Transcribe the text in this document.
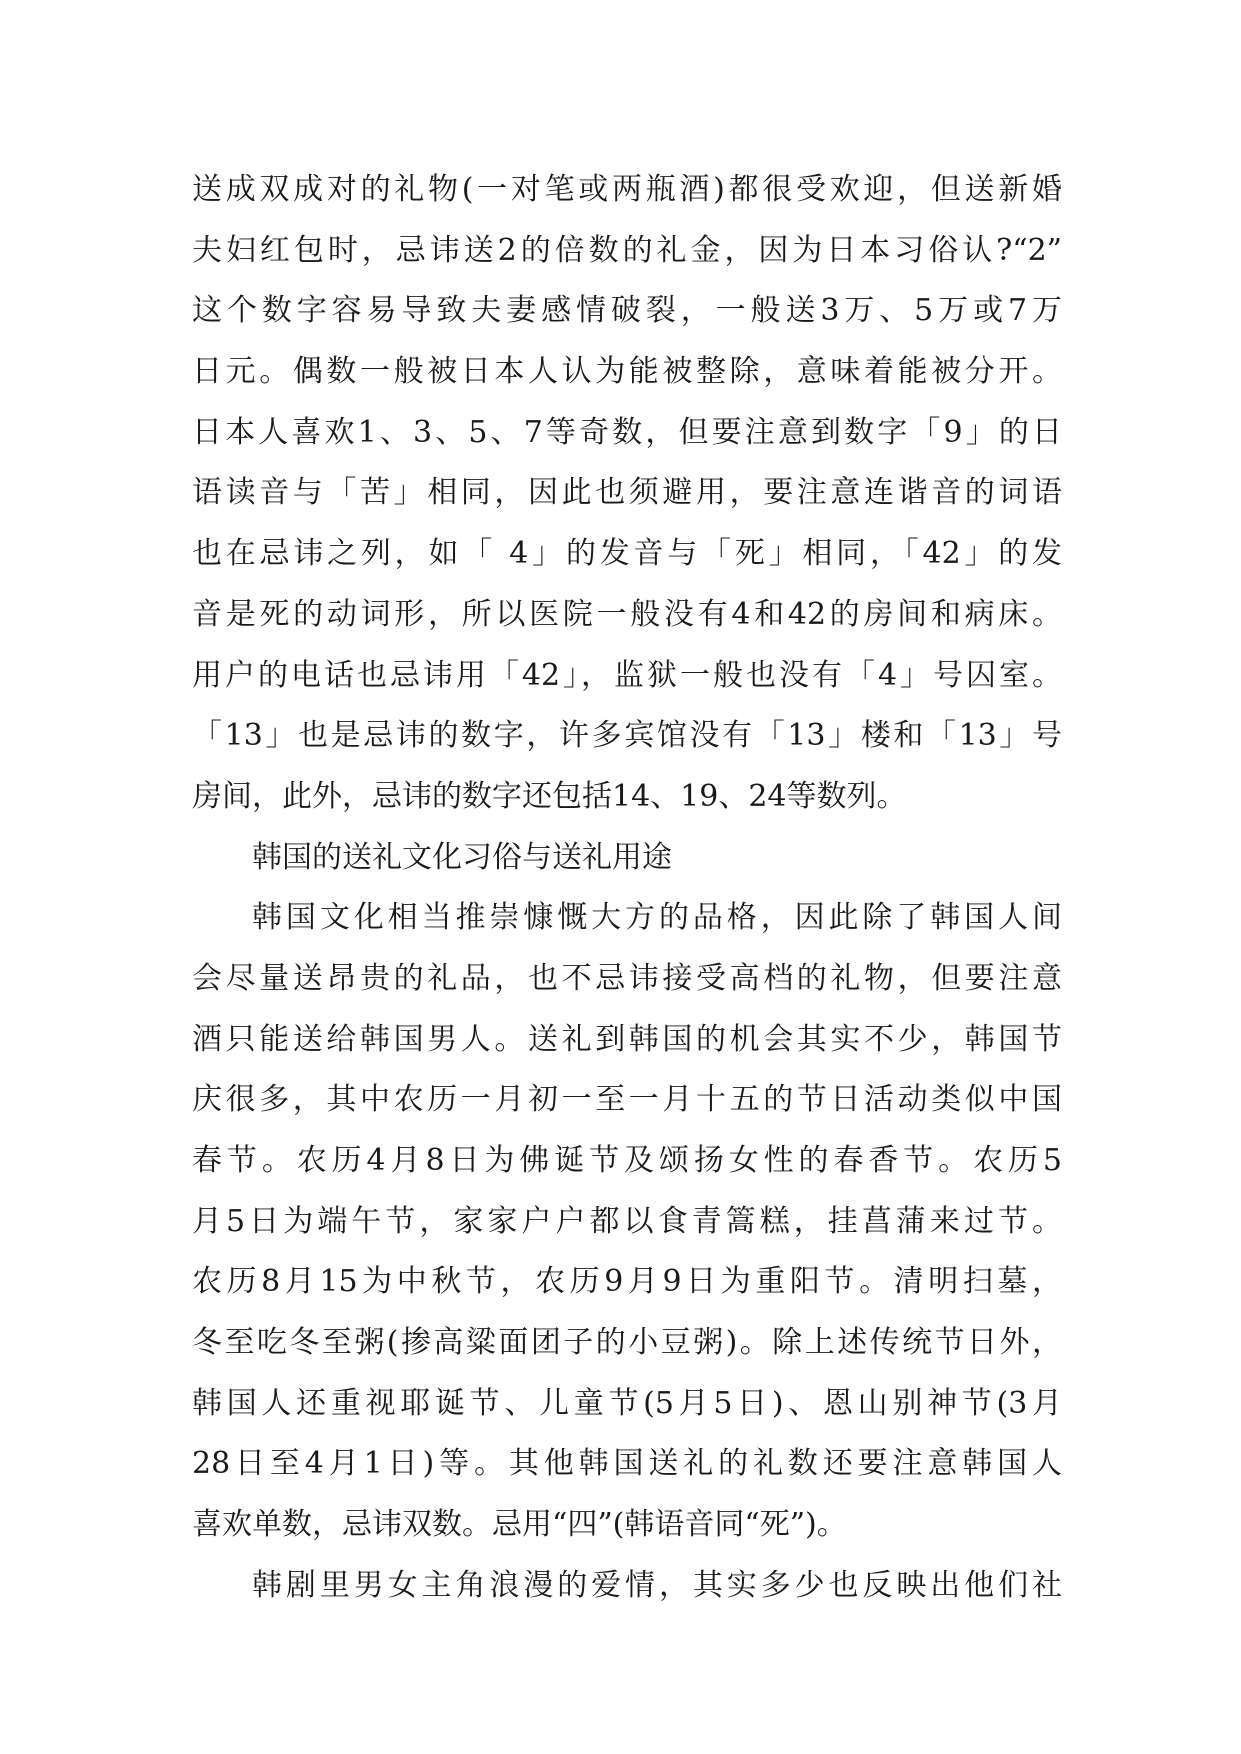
送成双成对的礼物(一对笔或两瓶酒)都很受欢迎，但送新婚
夫妇红包时，忌讳送2的倍数的礼金，因为日本习俗认?“2”
这个数字容易导致夫妻感情破裂，一般送3万、5万或7万
日元。偶数一般被日本人认为能被整除，意味着能被分开。
日本人喜欢1、3、5、7等奇数，但要注意到数字「9」的日
语读音与「苦」相同，因此也须避用，要注意连谐音的词语
也在忌讳之列，如「 4」的发音与「死」相同，「42」的发
音是死的动词形，所以医院一般没有4和42的房间和病床。
用户的电话也忌讳用「42」，监狱一般也没有「4」号囚室。
「13」也是忌讳的数字，许多宾馆没有「13」楼和「13」号
房间，此外，忌讳的数字还包括14、19、24等数列。
韩国的送礼文化习俗与送礼用途
韩国文化相当推崇慷慨大方的品格，因此除了韩国人间
会尽量送昂贵的礼品，也不忌讳接受高档的礼物，但要注意
酒只能送给韩国男人。送礼到韩国的机会其实不少，韩国节
庆很多，其中农历一月初一至一月十五的节日活动类似中国
春节。农历4月8日为佛诞节及颂扬女性的春香节。农历5
月5日为端午节，家家户户都以食青篙糕，挂菖蒲来过节。
农历8月15为中秋节，农历9月9日为重阳节。清明扫墓，
冬至吃冬至粥(掺高粱面团子的小豆粥)。除上述传统节日外，
韩国人还重视耶诞节、儿童节(5月5日)、恩山别神节(3月
28日至4月1日)等。其他韩国送礼的礼数还要注意韩国人
喜欢单数，忌讳双数。忌用“四”(韩语音同“死”)。
韩剧里男女主角浪漫的爱情，其实多少也反映出他们社
